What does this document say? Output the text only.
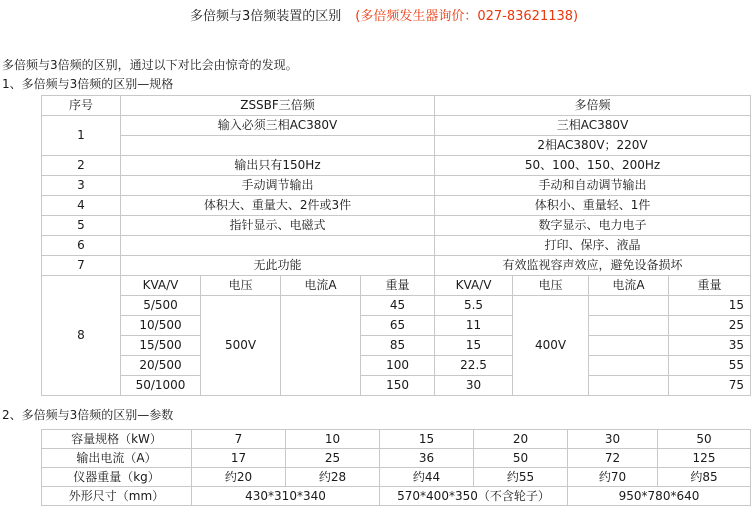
多倍频与3倍频装置的区别 (多倍频发生器询价：027-83621138)
多倍频与3倍频的区别，通过以下对比会由惊奇的发现。
1、多倍频与3倍频的区别—规格
序号	ZSSBF三倍频				多倍频			
1	输入必须三相AC380V				三相AC380V			
					2相AC380V；220V			
2	输出只有150Hz				50、100、150、200Hz			
3	手动调节输出				手动和自动调节输出			
4	体积大、重量大、2件或3件				体积小、重量轻、1件			
5	指针显示、电磁式				数字显示、电力电子			
6					打印、保序、液晶			
7	无此功能				有效监视容声效应，避免设备损坏			
8	KVA/V	电压	电流A	重量	KVA/V	电压	电流A	重量
	5/500	500V		45	5.5	400V		15
	10/500			65	11			25
	15/500			85	15			35
	20/500			100	22.5			55
	50/1000			150	30			75
2、多倍频与3倍频的区别—参数
容量规格（kW）	7	10	15	20	30	50
输出电流（A）	17	25	36	50	72	125
仪器重量（kg）	约20	约28	约44	约55	约70	约85
外形尺寸（mm）	430*310*340		570*400*350（不含轮子）		950*780*640	
